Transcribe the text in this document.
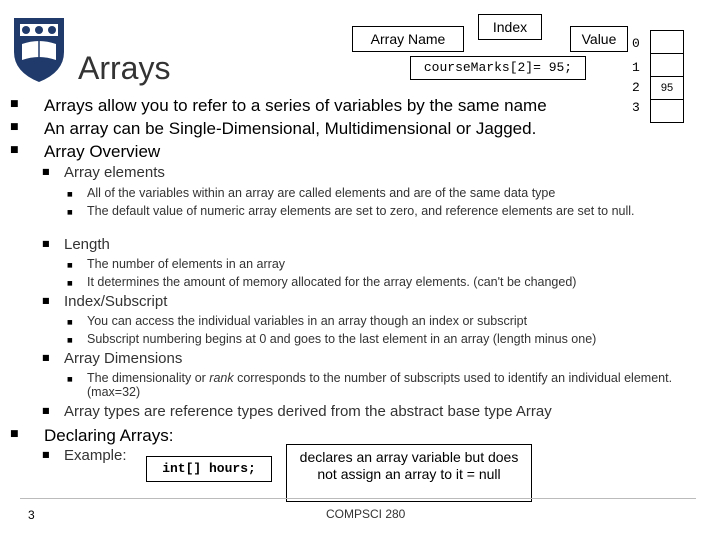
Arrays
Array Name
Index
Value
courseMarks[2]= 95;
0
1
2
3
95
■ Arrays allow you to refer to a series of variables by the same name
■ An array can be Single-Dimensional, Multidimensional or Jagged.
■ Array Overview
■ Array elements
■ All of the variables within an array are called elements and are of the same data type
■ The default value of numeric array elements are set to zero, and reference elements are set to null.
■ Length
■ The number of elements in an array
■ It determines the amount of memory allocated for the array elements. (can't be changed)
■ Index/Subscript
■ You can access the individual variables in an array though an index or subscript
■ Subscript numbering begins at 0 and goes to the last element in an array (length minus one)
■ Array Dimensions
■ The dimensionality or rank corresponds to the number of subscripts used to identify an individual element. (max=32)
■ Array types are reference types derived from the abstract base type Array
■ Declaring Arrays:
■ Example:
int[] hours;
declares an array variable but does not assign an array to it = null
3	COMPSCI 280
